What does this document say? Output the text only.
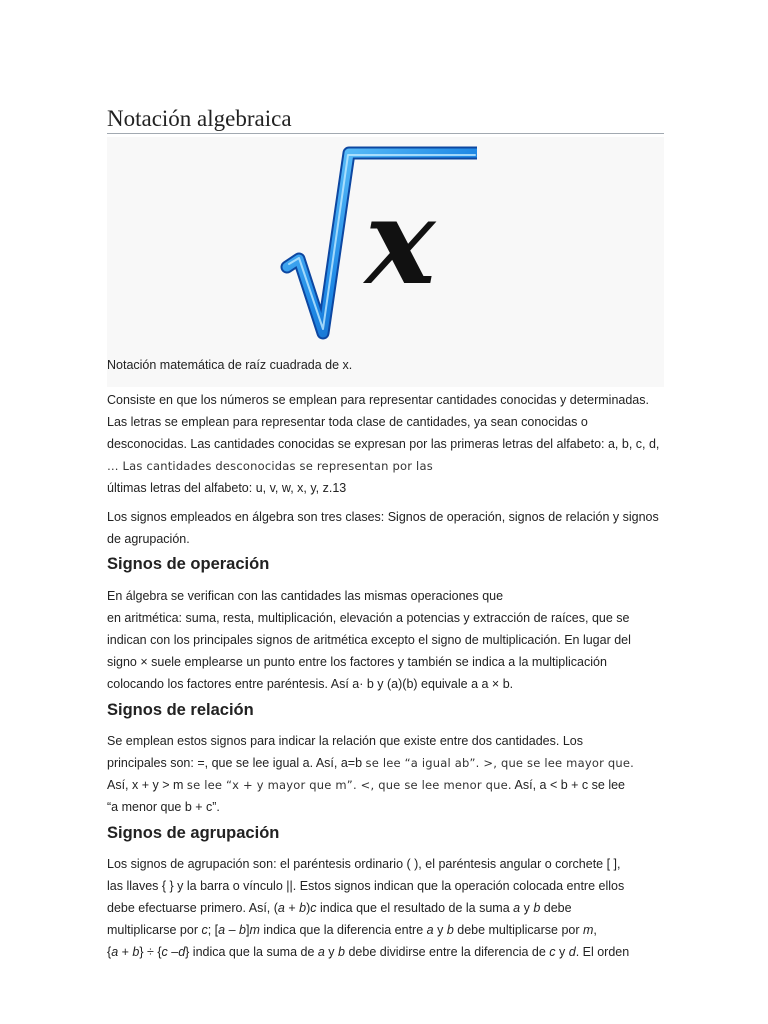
Notación algebraica
x
Notación matemática de raíz cuadrada de x.

Consiste en que los números se emplean para representar cantidades conocidas y determinadas. Las letras se emplean para representar toda clase de cantidades, ya sean conocidas o desconocidas. Las cantidades conocidas se expresan por las primeras letras del alfabeto: a, b, c, d, … Las cantidades desconocidas se representan por las
últimas letras del alfabeto: u, v, w, x, y, z.13

Los signos empleados en álgebra son tres clases: Signos de operación, signos de relación y signos de agrupación.

Signos de operación

En álgebra se verifican con las cantidades las mismas operaciones que
en aritmética: suma, resta, multiplicación, elevación a potencias y extracción de raíces, que se
indican con los principales signos de aritmética excepto el signo de multiplicación. En lugar del
signo × suele emplearse un punto entre los factores y también se indica a la multiplicación
colocando los factores entre paréntesis. Así a· b y (a)(b) equivale a a × b.

Signos de relación

Se emplean estos signos para indicar la relación que existe entre dos cantidades. Los
principales son: =, que se lee igual a. Así, a=b se lee “a igual ab”. >, que se lee mayor que.
Así, x + y > m se lee “x + y mayor que m”. <, que se lee menor que. Así, a < b + c se lee
“a menor que b + c”.

Signos de agrupación

Los signos de agrupación son: el paréntesis ordinario ( ), el paréntesis angular o corchete [ ],
las llaves { } y la barra o vínculo ||. Estos signos indican que la operación colocada entre ellos
debe efectuarse primero. Así, (a + b)c indica que el resultado de la suma a y b debe
multiplicarse por c; [a – b]m indica que la diferencia entre a y b debe multiplicarse por m,
{a + b} ÷ {c –d} indica que la suma de a y b debe dividirse entre la diferencia de c y d. El orden
